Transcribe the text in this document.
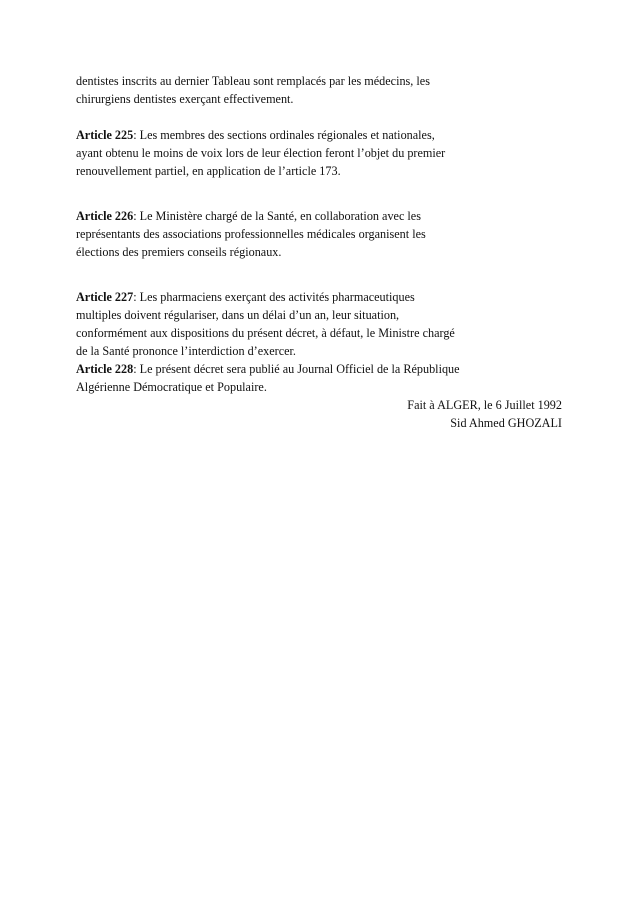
dentistes inscrits au dernier Tableau sont remplacés par les médecins, les
chirurgiens dentistes exerçant effectivement.
Article 225: Les membres des sections ordinales régionales et nationales,
ayant obtenu le moins de voix lors de leur élection feront l’objet du premier
renouvellement partiel, en application de l’article 173.
Article 226: Le Ministère chargé de la Santé, en collaboration avec les
représentants des associations professionnelles médicales organisent les
élections des premiers conseils régionaux.
Article 227: Les pharmaciens exerçant des activités pharmaceutiques
multiples doivent régulariser, dans un délai d’un an, leur situation,
conformément aux dispositions du présent décret, à défaut, le Ministre chargé
de la Santé prononce l’interdiction d’exercer.
Article 228: Le présent décret sera publié au Journal Officiel de la République
Algérienne Démocratique et Populaire.
Fait à ALGER, le 6 Juillet 1992
Sid Ahmed GHOZALI
